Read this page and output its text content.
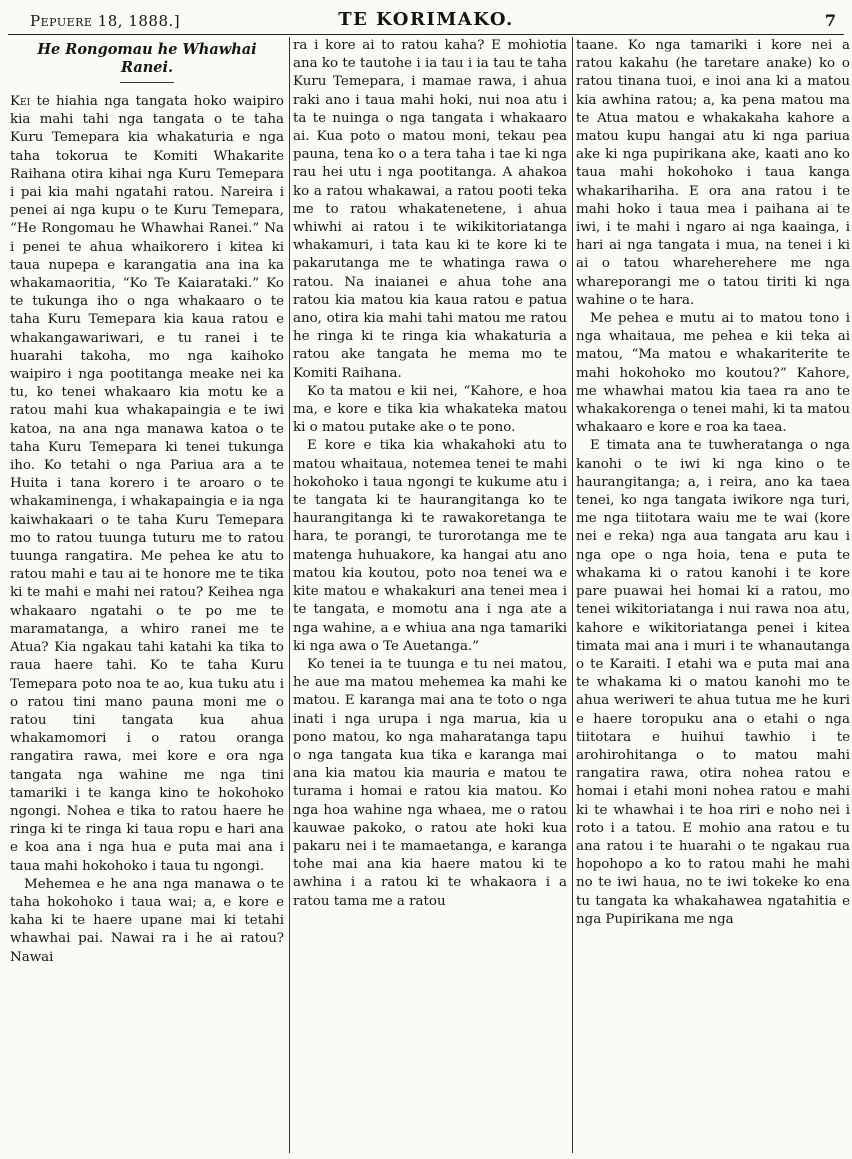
Pepuere 18, 1888.]	TE KORIMAKO.	7
He Rongomau he Whawhai Ranei.

Kei te hiahia nga tangata hoko waipiro kia mahi tahi nga tangata o te taha Kuru Temepara kia whakaturia e nga taha tokorua te Komiti Whakarite Raihana otira kihai nga Kuru Temepara i pai kia mahi ngatahi ratou. Nareira i penei ai nga kupu o te Kuru Temepara, “He Rongomau he Whawhai Ranei.” Na i penei te ahua whaikorero i kitea ki taua nupepa e karangatia ana ina ka whakamaoritia, “Ko Te Kaiarataki.” Ko te tukunga iho o nga whakaaro o te taha Kuru Temepara kia kaua ratou e whakangawariwari, e tu ranei i te huarahi takoha, mo nga kaihoko waipiro i nga pootitanga meake nei ka tu, ko tenei whakaaro kia motu ke a ratou mahi kua whakapaingia e te iwi katoa, na ana nga manawa katoa o te taha Kuru Temepara ki tenei tukunga iho. Ko tetahi o nga Pariua ara a te Huita i tana korero i te aroaro o te whakaminenga, i whakapaingia e ia nga kaiwhakaari o te taha Kuru Temepara mo to ratou tuunga tuturu me to ratou tuunga rangatira. Me pehea ke atu to ratou mahi e tau ai te honore me te tika ki te mahi e mahi nei ratou? Keihea nga whakaaro ngatahi o te po me te maramatanga, a whiro ranei me te Atua? Kia ngakau tahi katahi ka tika to raua haere tahi. Ko te taha Kuru Temepara poto noa te ao, kua tuku atu i o ratou tini mano pauna moni me o ratou tini tangata kua ahua whakamomori i o ratou oranga rangatira rawa, mei kore e ora nga tangata nga wahine me nga tini tamariki i te kanga kino te hokohoko ngongi. Nohea e tika to ratou haere he ringa ki te ringa ki taua ropu e hari ana e koa ana i nga hua e puta mai ana i taua mahi hokohoko i taua tu ngongi.

Mehemea e he ana nga manawa o te taha hokohoko i taua wai; a, e kore e kaha ki te haere upane mai ki tetahi whawhai pai. Nawai ra i he ai ratou? Nawai

ra i kore ai to ratou kaha? E mohiotia ana ko te tautohe i ia tau i ia tau te taha Kuru Temepara, i mamae rawa, i ahua raki ano i taua mahi hoki, nui noa atu i ta te nuinga o nga tangata i whakaaro ai. Kua poto o matou moni, tekau pea pauna, tena ko o a tera taha i tae ki nga rau hei utu i nga pootitanga. A ahakoa ko a ratou whakawai, a ratou pooti teka me to ratou whakatenetene, i ahua whiwhi ai ratou i te wikikitoriatanga whakamuri, i tata kau ki te kore ki te pakarutanga me te whatinga rawa o ratou. Na inaianei e ahua tohe ana ratou kia matou kia kaua ratou e patua ano, otira kia mahi tahi matou me ratou he ringa ki te ringa kia whakaturia a ratou ake tangata he mema mo te Komiti Raihana.

Ko ta matou e kii nei, “Kahore, e hoa ma, e kore e tika kia whakateka matou ki o matou putake ake o te pono.

E kore e tika kia whakahoki atu to matou whaitaua, notemea tenei te mahi hokohoko i taua ngongi te kukume atu i te tangata ki te haurangitanga ko te haurangitanga ki te rawakoretanga te hara, te porangi, te turorotanga me te matenga huhuakore, ka hangai atu ano matou kia koutou, poto noa tenei wa e kite matou e whakakuri ana tenei mea i te tangata, e momotu ana i nga ate a nga wahine, a e whiua ana nga tamariki ki nga awa o Te Auetanga.”

Ko tenei ia te tuunga e tu nei matou, he aue ma matou mehemea ka mahi ke matou. E karanga mai ana te toto o nga inati i nga urupa i nga marua, kia u pono matou, ko nga maharatanga tapu o nga tangata kua tika e karanga mai ana kia matou kia mauria e matou te turama i homai e ratou kia matou. Ko nga hoa wahine nga whaea, me o ratou kauwae pakoko, o ratou ate hoki kua pakaru nei i te mamaetanga, e karanga tohe mai ana kia haere matou ki te awhina i a ratou ki te whakaora i a ratou tama me a ratou

taane. Ko nga tamariki i kore nei a ratou kakahu (he taretare anake) ko o ratou tinana tuoi, e inoi ana ki a matou kia awhina ratou; a, ka pena matou ma te Atua matou e whakakaha kahore a matou kupu hangai atu ki nga pariua ake ki nga pupirikana ake, kaati ano ko taua mahi hokohoko i taua kanga whakarihariha. E ora ana ratou i te mahi hoko i taua mea i paihana ai te iwi, i te mahi i ngaro ai nga kaainga, i hari ai nga tangata i mua, na tenei i ki ai o tatou whareherehere me nga whareporangi me o tatou tiriti ki nga wahine o te hara.

Me pehea e mutu ai to matou tono i nga whaitaua, me pehea e kii teka ai matou, “Ma matou e whakariterite te mahi hokohoko mo koutou?” Kahore, me whawhai matou kia taea ra ano te whakakorenga o tenei mahi, ki ta matou whakaaro e kore e roa ka taea.

E timata ana te tuwheratanga o nga kanohi o te iwi ki nga kino o te haurangitanga; a, i reira, ano ka taea tenei, ko nga tangata iwikore nga turi, me nga tiitotara waiu me te wai (kore nei e reka) nga aua tangata aru kau i nga ope o nga hoia, tena e puta te whakama ki o ratou kanohi i te kore pare puawai hei homai ki a ratou, mo tenei wikitoriatanga i nui rawa noa atu, kahore e wikitoriatanga penei i kitea timata mai ana i muri i te whanautanga o te Karaiti. I etahi wa e puta mai ana te whakama ki o matou kanohi mo te ahua weriweri te ahua tutua me he kuri e haere toropuku ana o etahi o nga tiitotara e huihui tawhio i te arohirohitanga o to matou mahi rangatira rawa, otira nohea ratou e homai i etahi moni nohea ratou e mahi ki te whawhai i te hoa riri e noho nei i roto i a tatou. E mohio ana ratou e tu ana ratou i te huarahi o te ngakau rua hopohopo a ko to ratou mahi he mahi no te iwi haua, no te iwi tokeke ko ena tu tangata ka whakahawea ngatahitia e nga Pupirikana me nga
